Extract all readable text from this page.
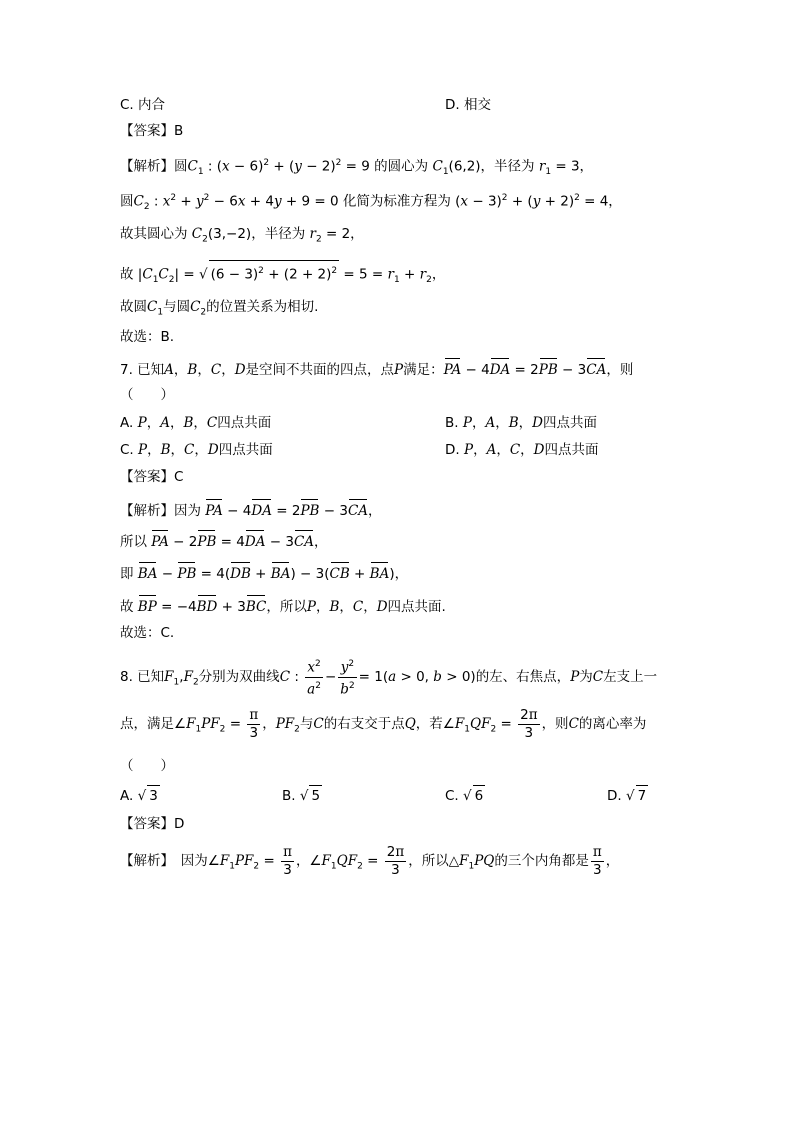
C. 内合	D. 相交
【答案】B
【解析】圆$C_1$ : $(x - 6)^2 + (y - 2)^2 = 9$ 的圆心为 $C_1(6,2)$，半径为 $r_1 = 3$，
圆$C_2$ : $x^2 + y^2 - 6x + 4y + 9 = 0$ 化简为标准方程为 $(x - 3)^2 + (y + 2)^2 = 4$，
故其圆心为 $C_2(3,-2)$，半径为 $r_2 = 2$，
故 $|C_1C_2|$ = √ $(6 - 3)^2 + (2 + 2)^2 = 5 = r_1 + r_2$，
故圆$C_1$与圆$C_2$的位置关系为相切.
故选：B.
7. 已知A，B，C，D是空间不共面的四点，点P满足：PA − 4DA = 2PB − 3CA，则
（　　）
A. P，A，B，C四点共面	B. P，A，B，D四点共面
C. P，B，C，D四点共面	D. P，A，C，D四点共面
【答案】C
【解析】因为 PA − 4DA = 2PB − 3CA，
所以 PA − 2PB = 4DA − 3CA，
即 BA − PB = 4(DB + BA) − 3(CB + BA)，
故 BP = −4BD + 3BC，所以P，B，C，D四点共面.
故选：C.
8. 已知$F_1,F_2$分别为双曲线C : $\frac{x^2}{a^2} - \frac{y^2}{b^2} = 1(a > 0$, b > 0)的左、右焦点，P为C左支上一
点，满足$\angle F_1PF_2 = \frac{\pi}{3}$ ，$PF_2$与C的右支交于点Q，若$\angle F_1QF_2 = \frac{2\pi}{3}$ ，则C的离心率为
（　　）
A. √ 3	B. √ 5	C. √ 6	D. √ 7
【答案】D
【解析】　因为$\angle F_1PF_2 = \frac{\pi}{3}$ ，$\angle F_1QF_2 = \frac{2\pi}{3}$ ，所以$\triangle F_1PQ$的三个内角都是 $\frac{\pi}{3}$ ，
